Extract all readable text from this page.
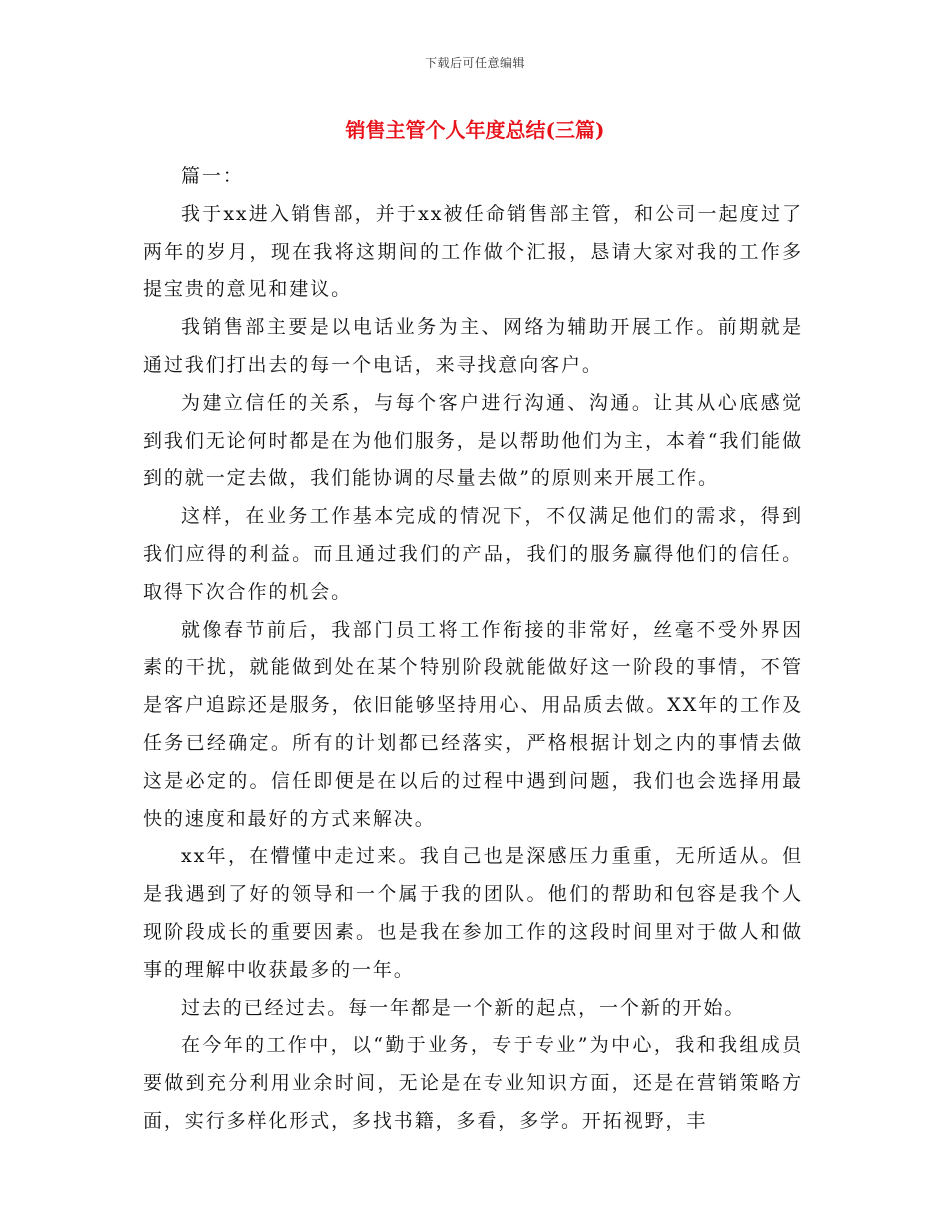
下载后可任意编辑
销售主管个人年度总结(三篇)

篇一：

我于xx进入销售部，并于xx被任命销售部主管，和公司一起度过了两年的岁月，现在我将这期间的工作做个汇报，恳请大家对我的工作多提宝贵的意见和建议。

我销售部主要是以电话业务为主、网络为辅助开展工作。前期就是通过我们打出去的每一个电话，来寻找意向客户。

为建立信任的关系，与每个客户进行沟通、沟通。让其从心底感觉到我们无论何时都是在为他们服务，是以帮助他们为主，本着“我们能做到的就一定去做，我们能协调的尽量去做”的原则来开展工作。

这样，在业务工作基本完成的情况下，不仅满足他们的需求，得到我们应得的利益。而且通过我们的产品，我们的服务赢得他们的信任。取得下次合作的机会。

就像春节前后，我部门员工将工作衔接的非常好，丝毫不受外界因素的干扰，就能做到处在某个特别阶段就能做好这一阶段的事情，不管是客户追踪还是服务，依旧能够坚持用心、用品质去做。XX年的工作及任务已经确定。所有的计划都已经落实，严格根据计划之内的事情去做这是必定的。信任即便是在以后的过程中遇到问题，我们也会选择用最快的速度和最好的方式来解决。

xx年，在懵懂中走过来。我自己也是深感压力重重，无所适从。但是我遇到了好的领导和一个属于我的团队。他们的帮助和包容是我个人现阶段成长的重要因素。也是我在参加工作的这段时间里对于做人和做事的理解中收获最多的一年。

过去的已经过去。每一年都是一个新的起点，一个新的开始。

在今年的工作中，以“勤于业务，专于专业”为中心，我和我组成员要做到充分利用业余时间，无论是在专业知识方面，还是在营销策略方面，实行多样化形式，多找书籍，多看，多学。开拓视野，丰
